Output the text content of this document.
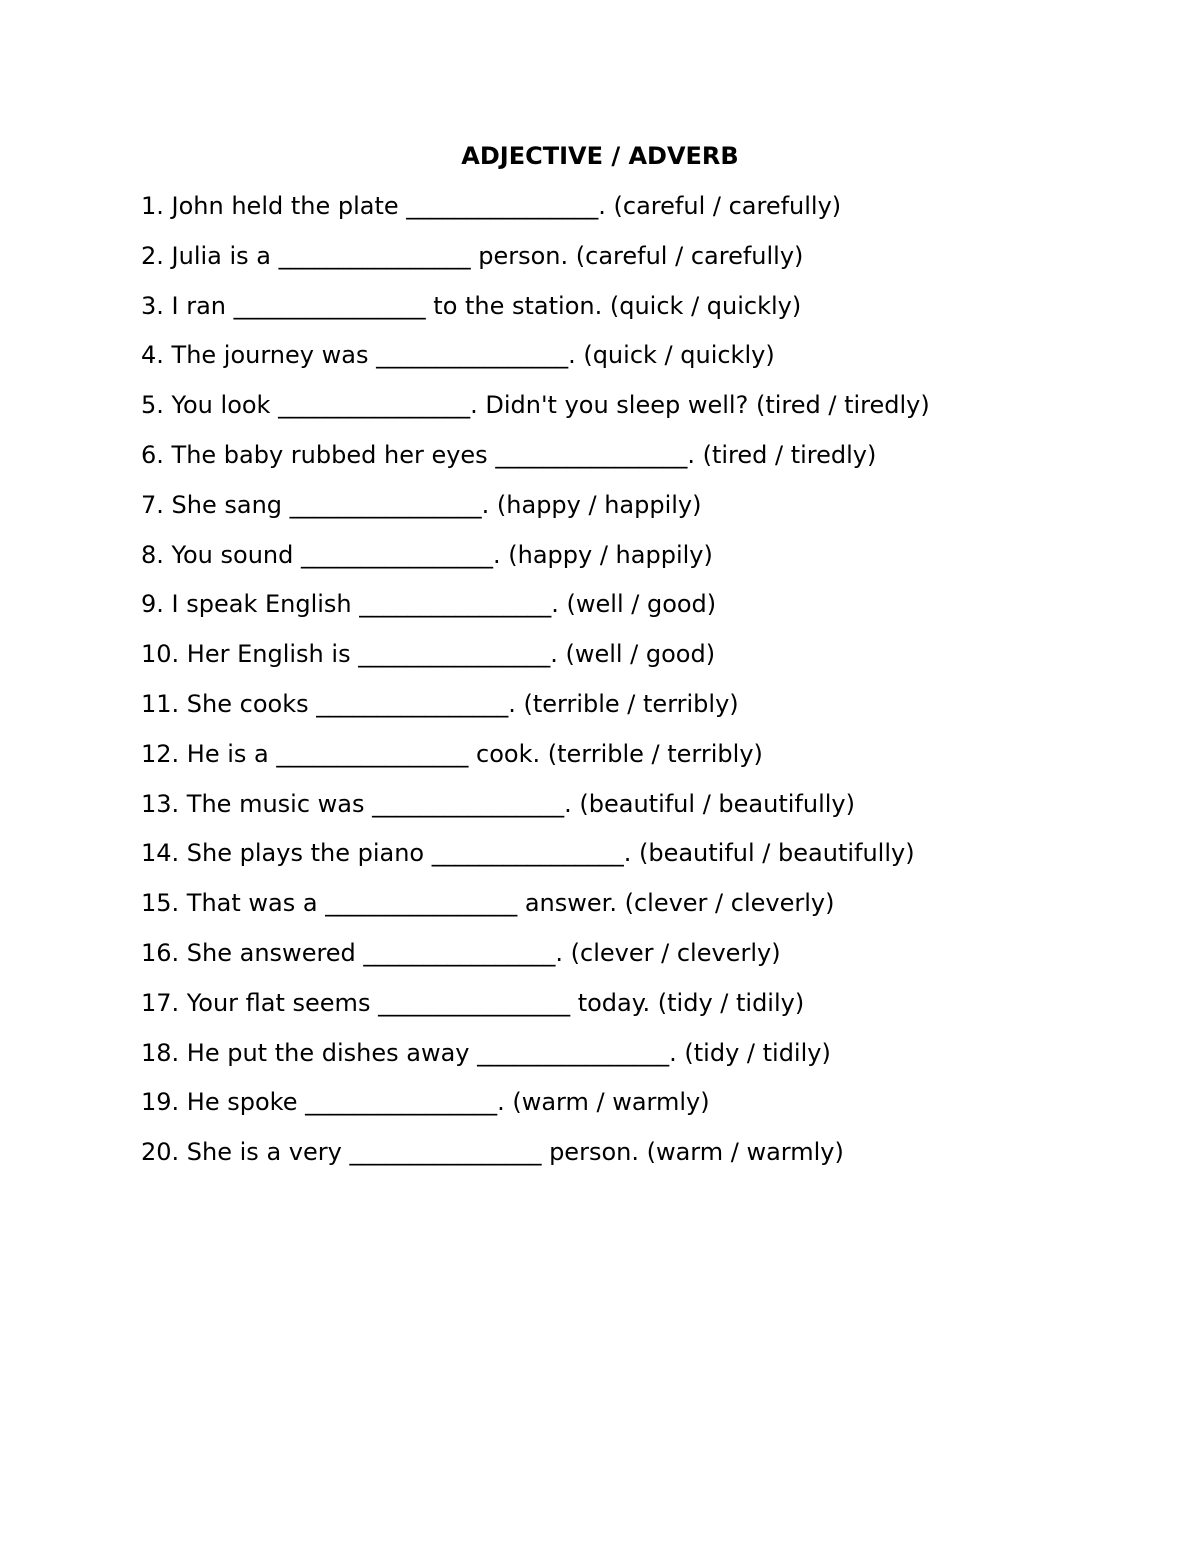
ADJECTIVE / ADVERB
1. John held the plate ________________. (careful / carefully)
2. Julia is a ________________ person. (careful / carefully)
3. I ran ________________ to the station. (quick / quickly)
4. The journey was ________________. (quick / quickly)
5. You look ________________. Didn't you sleep well? (tired / tiredly)
6. The baby rubbed her eyes ________________. (tired / tiredly)
7. She sang ________________. (happy / happily)
8. You sound ________________. (happy / happily)
9. I speak English ________________. (well / good)
10. Her English is ________________. (well / good)
11. She cooks ________________. (terrible / terribly)
12. He is a ________________ cook. (terrible / terribly)
13. The music was ________________. (beautiful / beautifully)
14. She plays the piano ________________. (beautiful / beautifully)
15. That was a ________________ answer. (clever / cleverly)
16. She answered ________________. (clever / cleverly)
17. Your flat seems ________________ today. (tidy / tidily)
18. He put the dishes away ________________. (tidy / tidily)
19. He spoke ________________. (warm / warmly)
20. She is a very ________________ person. (warm / warmly)
